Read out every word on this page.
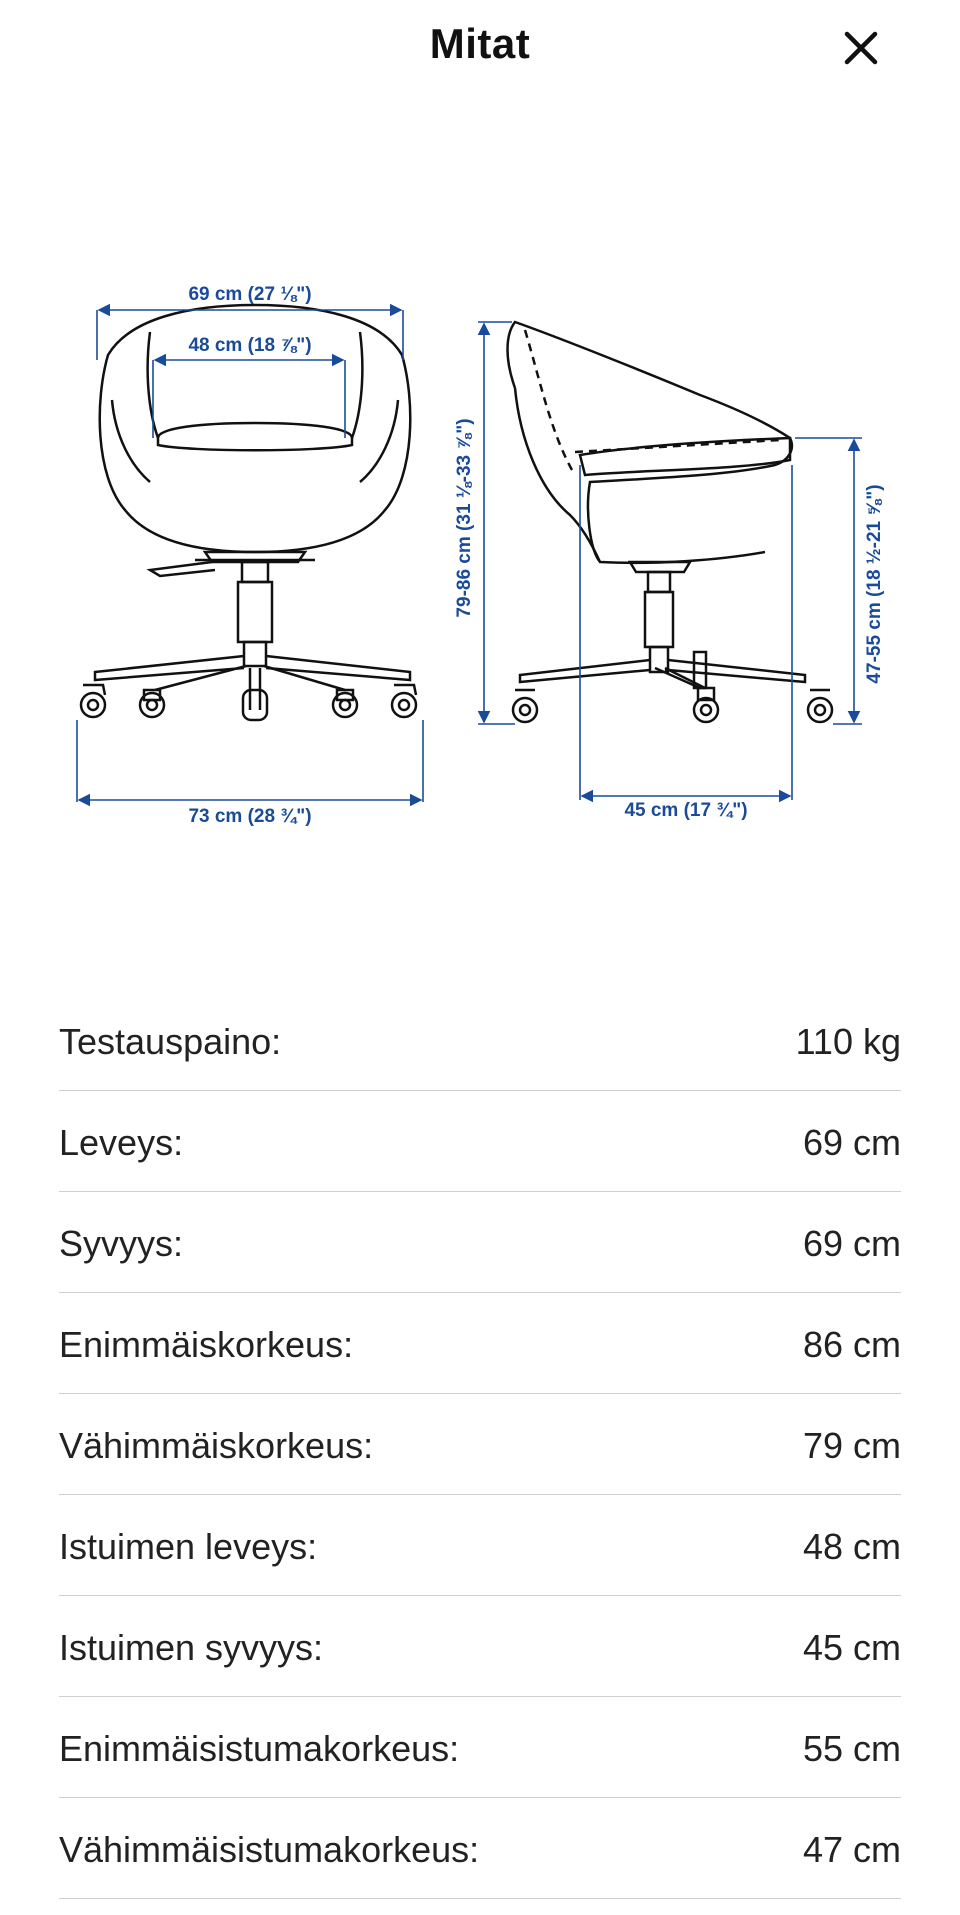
Mitat
69 cm (27 ⅛")
48 cm (18 ⅞")
73 cm (28 ¾")
79-86 cm (31 ⅛-33 ⅞")	47-55 cm (18 ½-21 ⅝")
45 cm (17 ¾")
Testauspaino:	110 kg
Leveys:	69 cm
Syvyys:	69 cm
Enimmäiskorkeus:	86 cm
Vähimmäiskorkeus:	79 cm
Istuimen leveys:	48 cm
Istuimen syvyys:	45 cm
Enimmäisistumakorkeus:	55 cm
Vähimmäisistumakorkeus:	47 cm
